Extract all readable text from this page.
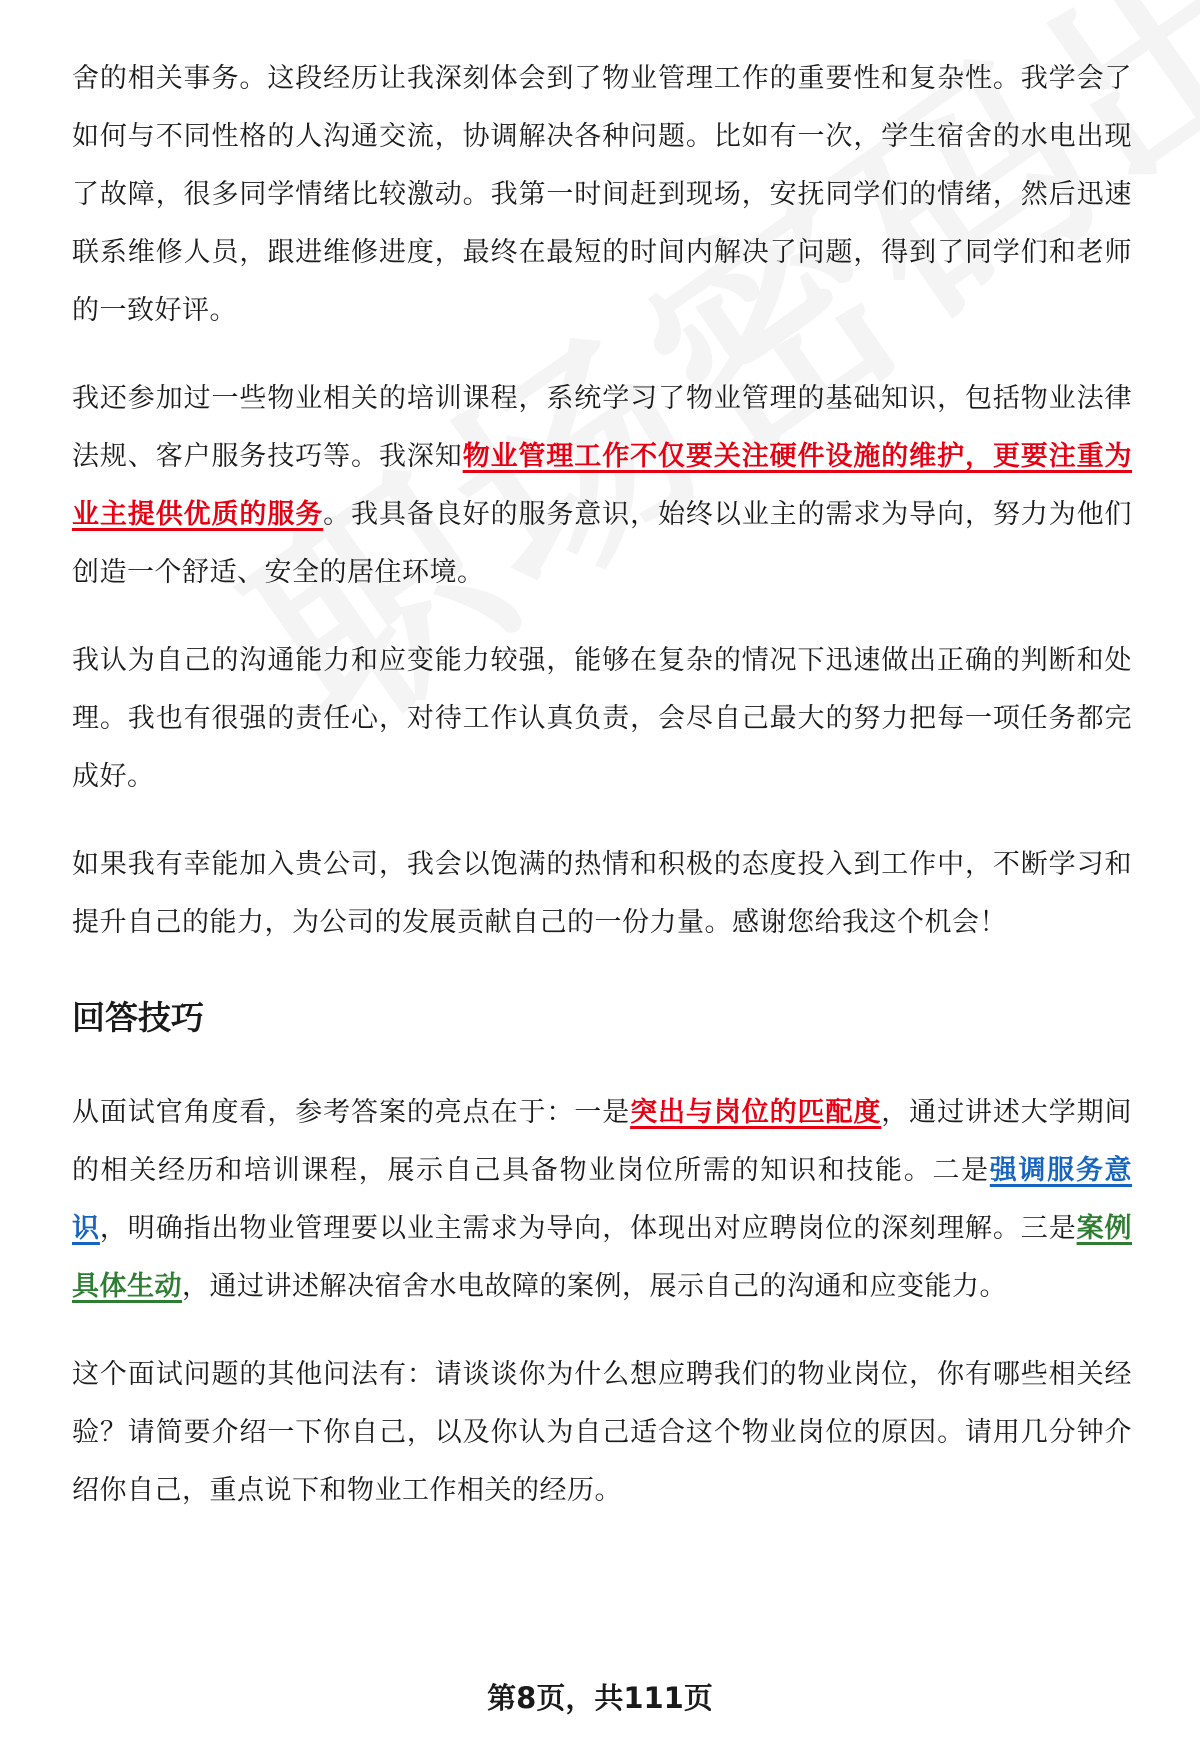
舍的相关事务。这段经历让我深刻体会到了物业管理工作的重要性和复杂性。我学会了如何与不同性格的人沟通交流，协调解决各种问题。比如有一次，学生宿舍的水电出现了故障，很多同学情绪比较激动。我第一时间赶到现场，安抚同学们的情绪，然后迅速联系维修人员，跟进维修进度，最终在最短的时间内解决了问题，得到了同学们和老师的一致好评。

我还参加过一些物业相关的培训课程，系统学习了物业管理的基础知识，包括物业法律法规、客户服务技巧等。我深知物业管理工作不仅要关注硬件设施的维护，更要注重为业主提供优质的服务。我具备良好的服务意识，始终以业主的需求为导向，努力为他们创造一个舒适、安全的居住环境。

我认为自己的沟通能力和应变能力较强，能够在复杂的情况下迅速做出正确的判断和处理。我也有很强的责任心，对待工作认真负责，会尽自己最大的努力把每一项任务都完成好。

如果我有幸能加入贵公司，我会以饱满的热情和积极的态度投入到工作中，不断学习和提升自己的能力，为公司的发展贡献自己的一份力量。感谢您给我这个机会！

回答技巧

从面试官角度看，参考答案的亮点在于：一是突出与岗位的匹配度，通过讲述大学期间的相关经历和培训课程，展示自己具备物业岗位所需的知识和技能。二是强调服务意识，明确指出物业管理要以业主需求为导向，体现出对应聘岗位的深刻理解。三是案例具体生动，通过讲述解决宿舍水电故障的案例，展示自己的沟通和应变能力。

这个面试问题的其他问法有：请谈谈你为什么想应聘我们的物业岗位，你有哪些相关经验？请简要介绍一下你自己，以及你认为自己适合这个物业岗位的原因。请用几分钟介绍你自己，重点说下和物业工作相关的经历。

第8页，共111页
